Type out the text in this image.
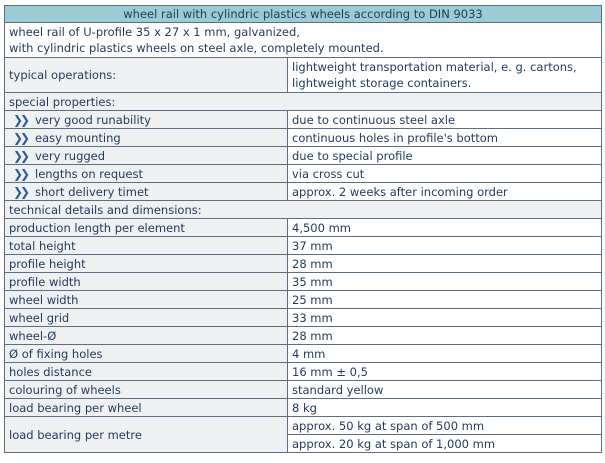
wheel rail with cylindric plastics wheels according to DIN 9033	

wheel rail of U-profile 35 x 27 x 1 mm, galvanized,
with cylindric plastics wheels on steel axle, completely mounted.	

typical operations:	lightweight transportation material, e. g. cartons,
lightweight storage containers.

special properties:	
❯❯ very good runability	due to continuous steel axle
❯❯ easy mounting	continuous holes in profile's bottom
❯❯ very rugged	due to special profile
❯❯ lengths on request	via cross cut
❯❯ short delivery timet	approx. 2 weeks after incoming order
technical details and dimensions:	
production length per element	4,500 mm
total height	37 mm
profile height	28 mm
profile width	35 mm
wheel width	25 mm
wheel grid	33 mm
wheel-Ø	28 mm
Ø of fixing holes	4 mm
holes distance	16 mm ± 0,5
colouring of wheels	standard yellow
load bearing per wheel	8 kg
load bearing per metre	approx. 50 kg at span of 500 mm
	approx. 20 kg at span of 1,000 mm
